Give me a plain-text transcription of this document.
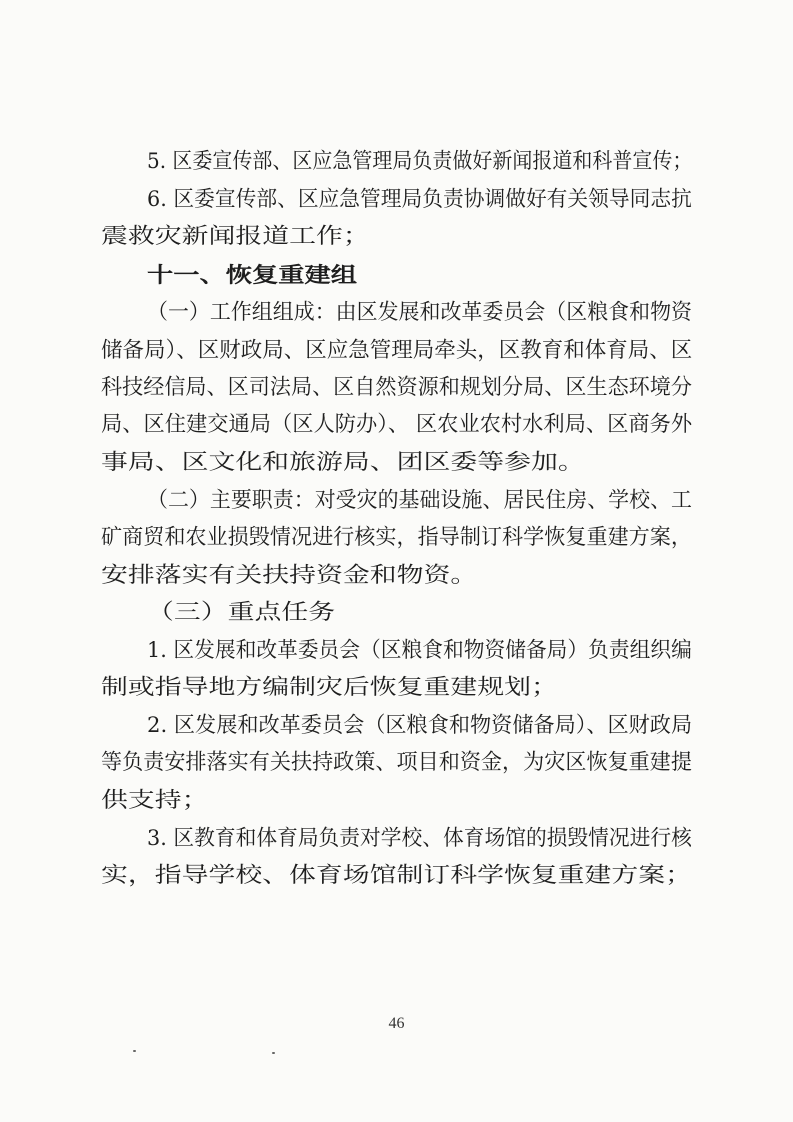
5. 区委宣传部、区应急管理局负责做好新闻报道和科普宣传；
6. 区委宣传部、区应急管理局负责协调做好有关领导同志抗
震救灾新闻报道工作；
十一、恢复重建组
（一）工作组组成：由区发展和改革委员会（区粮食和物资
储备局）、区财政局、区应急管理局牵头，区教育和体育局、区
科技经信局、区司法局、区自然资源和规划分局、区生态环境分
局、区住建交通局（区人防办）、 区农业农村水利局、区商务外
事局、区文化和旅游局、团区委等参加。
（二）主要职责：对受灾的基础设施、居民住房、学校、工
矿商贸和农业损毁情况进行核实，指导制订科学恢复重建方案，
安排落实有关扶持资金和物资。
（三）重点任务
1. 区发展和改革委员会（区粮食和物资储备局）负责组织编
制或指导地方编制灾后恢复重建规划；
2. 区发展和改革委员会（区粮食和物资储备局）、区财政局
等负责安排落实有关扶持政策、项目和资金，为灾区恢复重建提
供支持；
3. 区教育和体育局负责对学校、体育场馆的损毁情况进行核
实，指导学校、体育场馆制订科学恢复重建方案；
46
